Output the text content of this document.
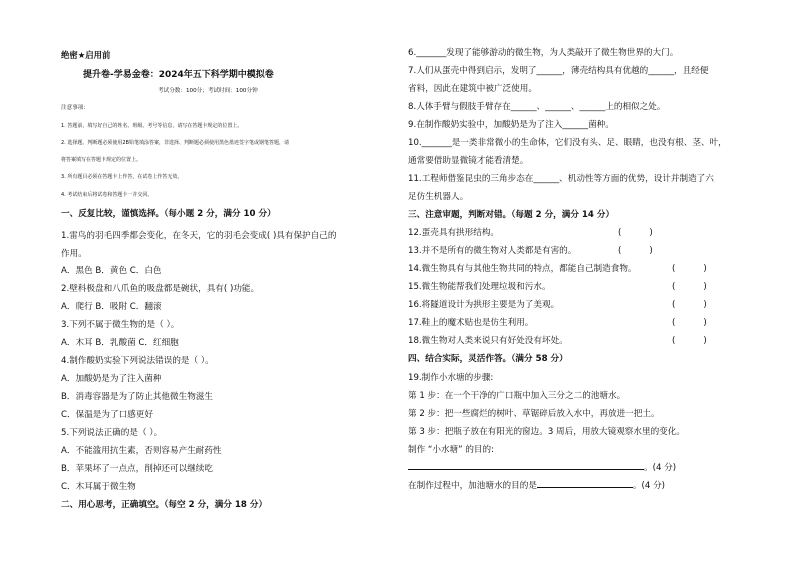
绝密★启用前
提升卷-学易金卷：2024年五下科学期中模拟卷
考试分数：100分；考试时间：100分钟
注意事项：
1. 答题前，填写好自己的姓名、班级、考号等信息，请写在答题卡规定的位置上。
2. 选择题、判断题必须使用2B铅笔填涂答案，非选择、判断题必须使用黑色墨迹签字笔或钢笔答题，请
将答案填写在答题卡规定的位置上。
3. 所有题目必须在答题卡上作答，在试卷上作答无效。
4. 考试结束后将试卷和答题卡一并交回。
一、反复比较，谨慎选择。（每小题 2 分，满分 10 分）
1.雷鸟的羽毛四季都会变化，在冬天，它的羽毛会变成( )具有保护自己的
作用。
A．黑色 B．黄色 C．白色
2.壁科极盘和八爪鱼的吸盘都是碗状，具有( )功能。
A．爬行 B．吸附 C．翻滚
3.下列不属于微生物的是（ ）。
A．木耳 B．乳酸菌 C．红细胞
4.制作酸奶实验下列说法错误的是（ ）。
A．加酸奶是为了注入菌种
B．消毒容器是为了防止其他微生物滋生
C．保温是为了口感更好
5.下列说法正确的是（ ）。
A．不能滥用抗生素，否则容易产生耐药性
B．苹果坏了一点点，削掉还可以继续吃
C．木耳属于微生物
二、用心思考，正确填空。（每空 2 分，满分 18 分）
6._______发现了能够游动的微生物，为人类敲开了微生物世界的大门。
7.人们从蛋壳中得到启示，发明了______，薄壳结构具有优越的______，且经便
省料，因此在建筑中被广泛使用。
8.人体手臂与假肢手臂存在______、______、______上的相似之处。
9.在制作酸奶实验中，加酸奶是为了注入______菌种。
10._______是一类非常微小的生命体，它们没有头、足、眼睛，也没有根、茎、叶，
通常要借助显微镜才能看清楚。
11.工程师借鉴昆虫的三角步态在______、机动性等方面的优势，设计并制造了六
足仿生机器人。
三、注意审题，判断对错。（每题 2 分，满分 14 分）
12.蛋壳具有拱形结构。	(	)
13.并不是所有的微生物对人类都是有害的。	(	)
14.微生物具有与其他生物共同的特点，都能自己制造食物。	(	)
15.微生物能帮我们处理垃圾和污水。	(	)
16.将隧道设计为拱形主要是为了美观。	(	)
17.鞋上的魔术贴也是仿生利用。	(	)
18.微生物对人类来说只有好处没有坏处。	(	)
四、结合实际，灵活作答。（满分 58 分）
19.制作小水塘的步骤:
第 1 步：在一个干净的广口瓶中加入三分之二的池塘水。
第 2 步：把一些腐烂的树叶、草锯碎后放入水中，再放进一把土。
第 3 步：把瓶子放在有阳光的窗边。3 周后，用放大镜观察水里的变化。
制作 “小水塘” 的目的:
。(4 分)
在制作过程中，加池塘水的目的是	。(4 分)
